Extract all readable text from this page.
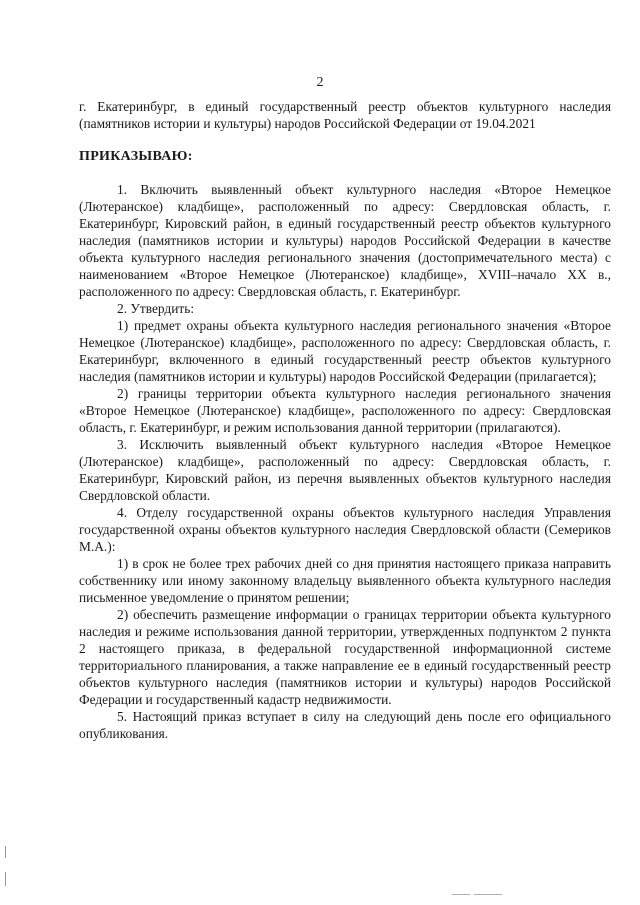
2
г. Екатеринбург, в единый государственный реестр объектов культурного наследия (памятников истории и культуры) народов Российской Федерации от 19.04.2021
ПРИКАЗЫВАЮ:

1. Включить выявленный объект культурного наследия «Второе Немецкое (Лютеранское) кладбище», расположенный по адресу: Свердловская область, г. Екатеринбург, Кировский район, в единый государственный реестр объектов культурного наследия (памятников истории и культуры) народов Российской Федерации в качестве объекта культурного наследия регионального значения (достопримечательного места) с наименованием «Второе Немецкое (Лютеранское) кладбище», XVIII–начало XX в., расположенного по адресу: Свердловская область, г. Екатеринбург.

2. Утвердить:

1) предмет охраны объекта культурного наследия регионального значения «Второе Немецкое (Лютеранское) кладбище», расположенного по адресу: Свердловская область, г. Екатеринбург, включенного в единый государственный реестр объектов культурного наследия (памятников истории и культуры) народов Российской Федерации (прилагается);

2) границы территории объекта культурного наследия регионального значения «Второе Немецкое (Лютеранское) кладбище», расположенного по адресу: Свердловская область, г. Екатеринбург, и режим использования данной территории (прилагаются).

3. Исключить выявленный объект культурного наследия «Второе Немецкое (Лютеранское) кладбище», расположенный по адресу: Свердловская область, г. Екатеринбург, Кировский район, из перечня выявленных объектов культурного наследия Свердловской области.

4. Отделу государственной охраны объектов культурного наследия Управления государственной охраны объектов культурного наследия Свердловской области (Семериков М.А.):

1) в срок не более трех рабочих дней со дня принятия настоящего приказа направить собственнику или иному законному владельцу выявленного объекта культурного наследия письменное уведомление о принятом решении;

2) обеспечить размещение информации о границах территории объекта культурного наследия и режиме использования данной территории, утвержденных подпунктом 2 пункта 2 настоящего приказа, в федеральной государственной информационной системе территориального планирования, а также направление ее в единый государственный реестр объектов культурного наследия (памятников истории и культуры) народов Российской Федерации и государственный кадастр недвижимости.

5. Настоящий приказ вступает в силу на следующий день после его официального опубликования.
